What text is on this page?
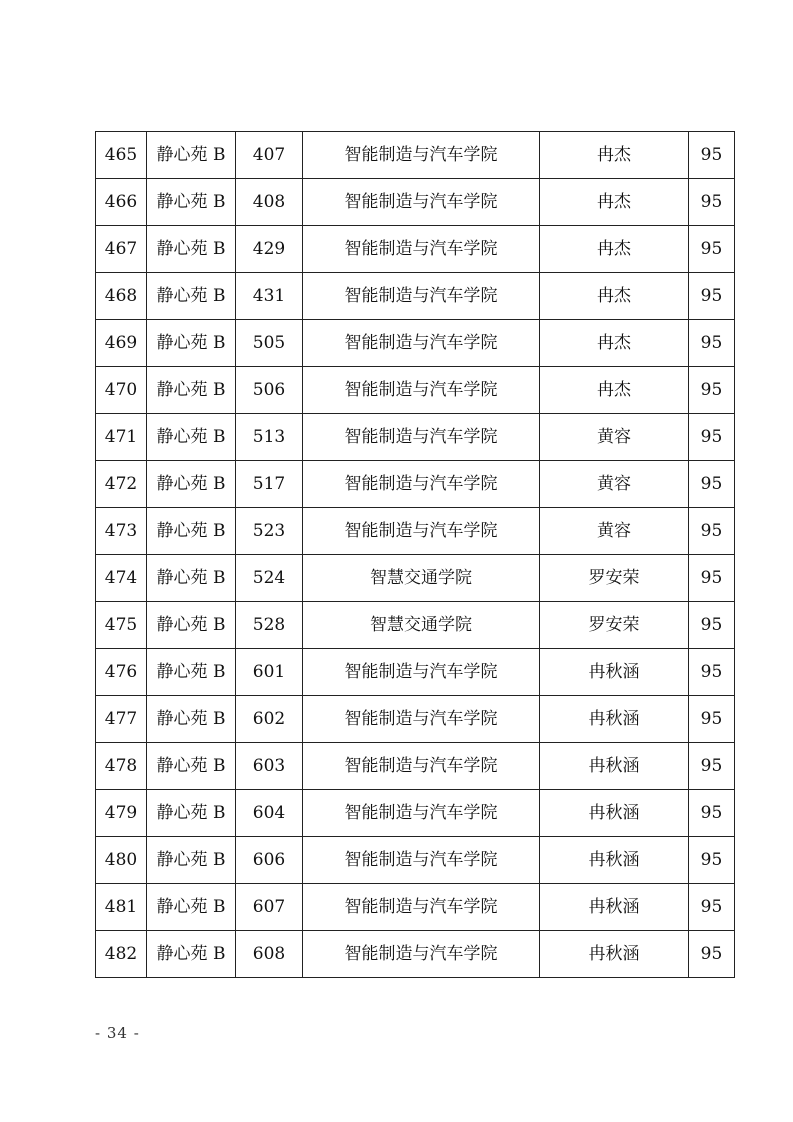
465	静心苑 B	407	智能制造与汽车学院	冉杰	95
466	静心苑 B	408	智能制造与汽车学院	冉杰	95
467	静心苑 B	429	智能制造与汽车学院	冉杰	95
468	静心苑 B	431	智能制造与汽车学院	冉杰	95
469	静心苑 B	505	智能制造与汽车学院	冉杰	95
470	静心苑 B	506	智能制造与汽车学院	冉杰	95
471	静心苑 B	513	智能制造与汽车学院	黄容	95
472	静心苑 B	517	智能制造与汽车学院	黄容	95
473	静心苑 B	523	智能制造与汽车学院	黄容	95
474	静心苑 B	524	智慧交通学院	罗安荣	95
475	静心苑 B	528	智慧交通学院	罗安荣	95
476	静心苑 B	601	智能制造与汽车学院	冉秋涵	95
477	静心苑 B	602	智能制造与汽车学院	冉秋涵	95
478	静心苑 B	603	智能制造与汽车学院	冉秋涵	95
479	静心苑 B	604	智能制造与汽车学院	冉秋涵	95
480	静心苑 B	606	智能制造与汽车学院	冉秋涵	95
481	静心苑 B	607	智能制造与汽车学院	冉秋涵	95
482	静心苑 B	608	智能制造与汽车学院	冉秋涵	95
- 34 -
